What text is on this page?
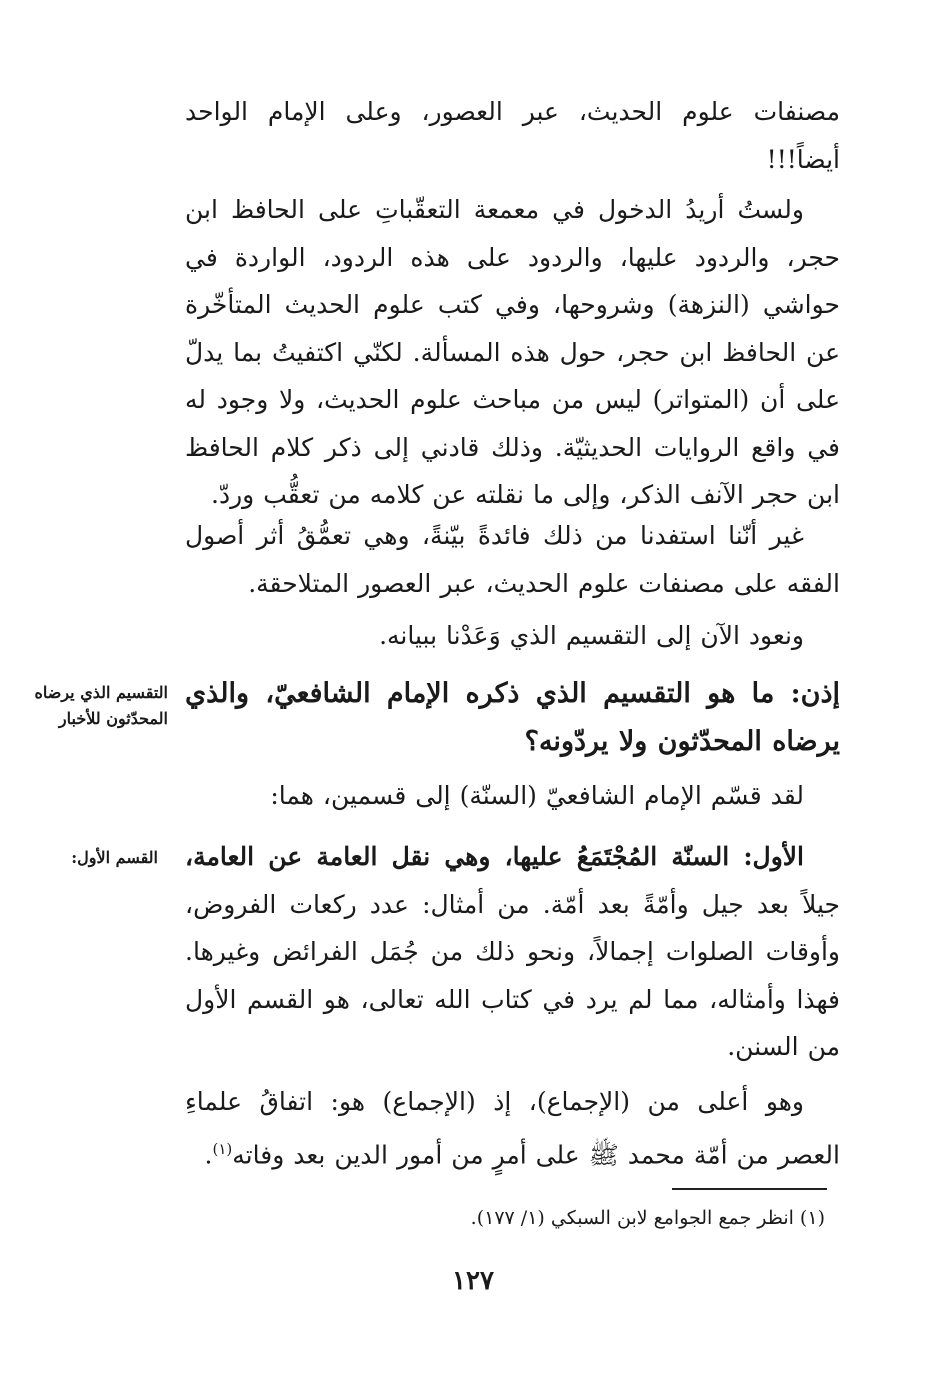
مصنفات علوم الحديث، عبر العصور، وعلى الإمام الواحد أيضاً!!!

ولستُ أريدُ الدخول في معمعة التعقّباتِ على الحافظ ابن حجر، والردود عليها، والردود على هذه الردود، الواردة في حواشي (النزهة) وشروحها، وفي كتب علوم الحديث المتأخّرة عن الحافظ ابن حجر، حول هذه المسألة. لكنّي اكتفيتُ بما يدلّ على أن (المتواتر) ليس من مباحث علوم الحديث، ولا وجود له في واقع الروايات الحديثيّة. وذلك قادني إلى ذكر كلام الحافظ ابن حجر الآنف الذكر، وإلى ما نقلته عن كلامه من تعقُّب وردّ.

غير أنّنا استفدنا من ذلك فائدةً بيّنةً، وهي تعمُّقُ أثر أصول الفقه على مصنفات علوم الحديث، عبر العصور المتلاحقة.

ونعود الآن إلى التقسيم الذي وَعَدْنا ببيانه.

إذن: ما هو التقسيم الذي ذكره الإمام الشافعيّ، والذي يرضاه المحدّثون ولا يردّونه؟

لقد قسّم الإمام الشافعيّ (السنّة) إلى قسمين، هما:

الأول: السنّة المُجْتَمَعُ عليها، وهي نقل العامة عن العامة، جيلاً بعد جيل وأمّةً بعد أمّة. من أمثال: عدد ركعات الفروض، وأوقات الصلوات إجمالاً، ونحو ذلك من جُمَل الفرائض وغيرها. فهذا وأمثاله، مما لم يرد في كتاب الله تعالى، هو القسم الأول من السنن.

وهو أعلى من (الإجماع)، إذ (الإجماع) هو: اتفاقُ علماءِ العصر من أمّة محمد ﷺ على أمرٍ من أمور الدين بعد وفاته$^{(١)}$.

التقسيم الذي يرضاه المحدّثون للأخبار
القسم الأول:
(١) انظر جمع الجوامع لابن السبكي (١/ ١٧٧).
١٢٧
